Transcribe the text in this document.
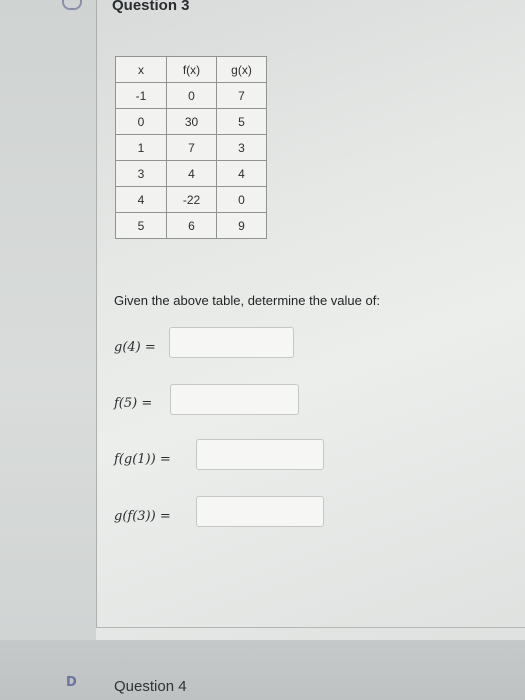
Question 3
x	f(x)	g(x)
-1	0	7
0	30	5
1	7	3
3	4	4
4	-22	0
5	6	9
Given the above table, determine the value of:
g(4) =
f(5) =
f(g(1)) =
g(f(3)) =
D Question 4
